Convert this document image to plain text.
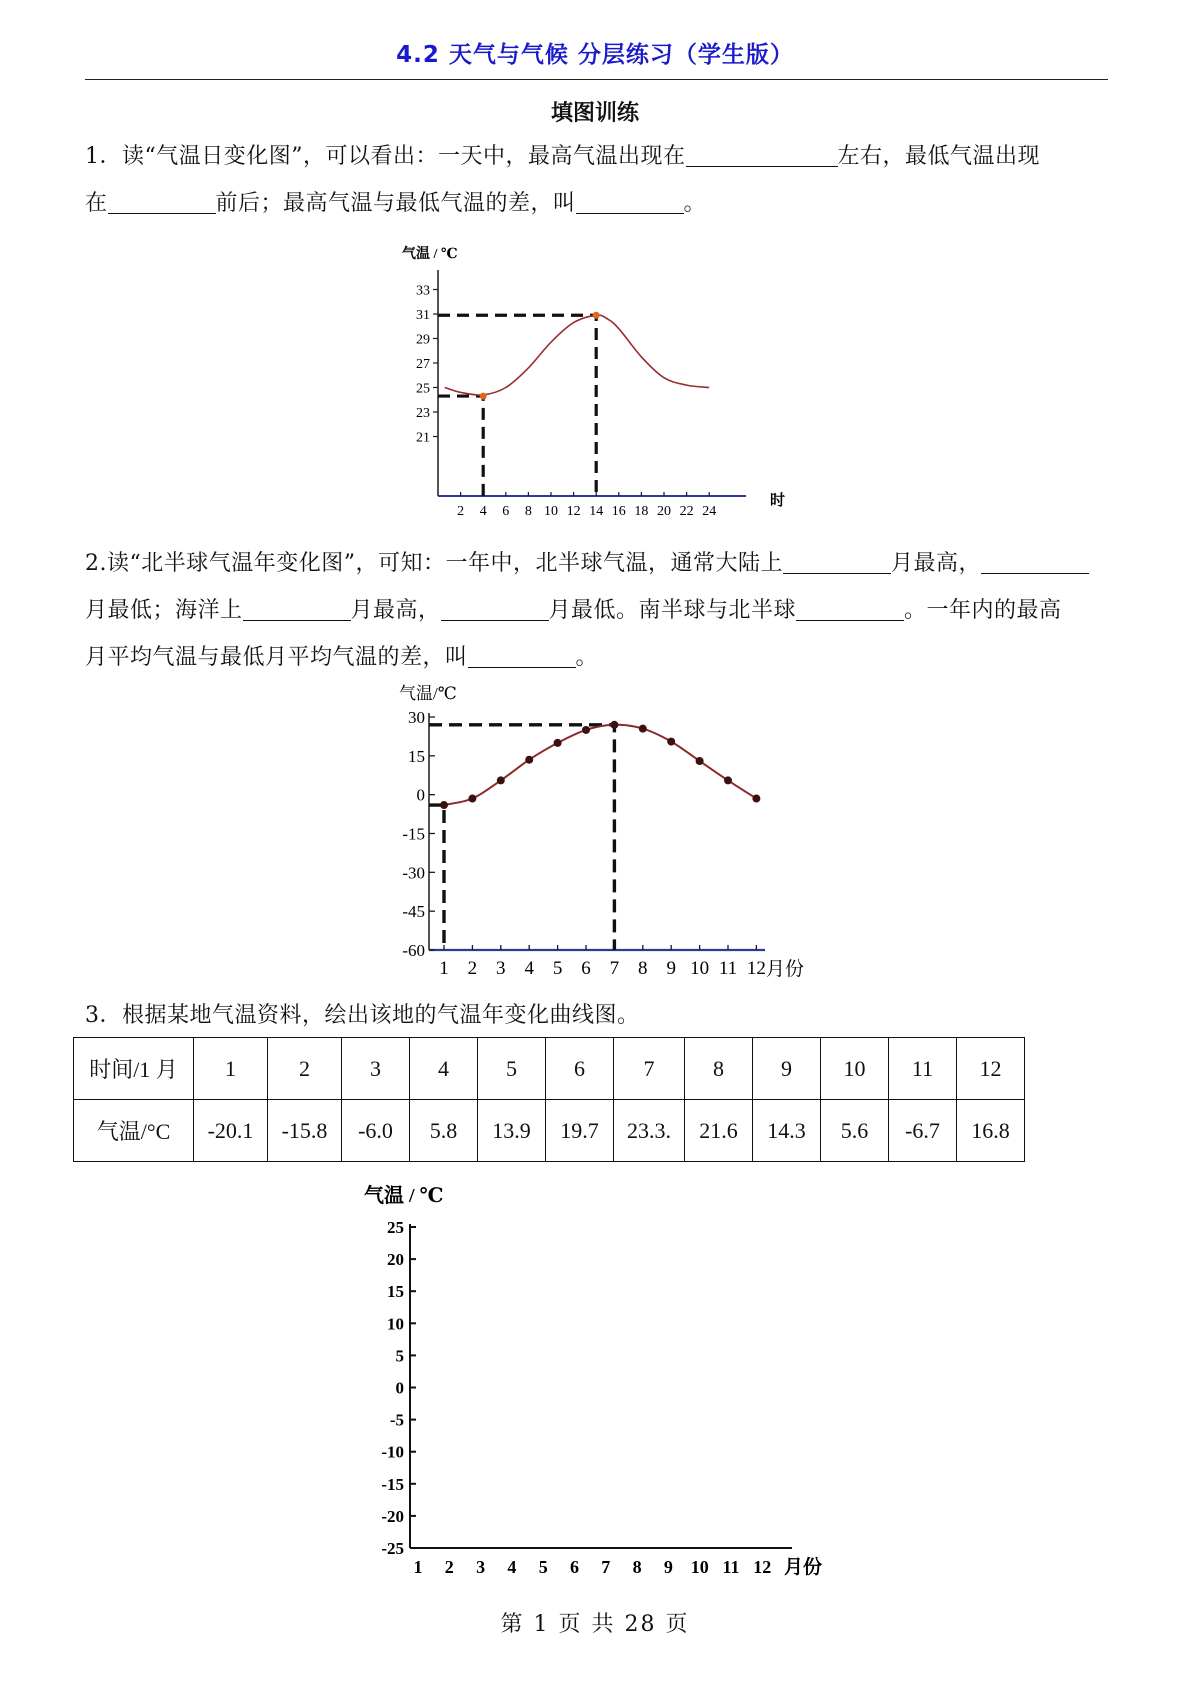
4.2 天气与气候 分层练习（学生版）
填图训练
1．读“气温日变化图”，可以看出：一天中，最高气温出现在	左右，最低气温出现
在	前后；最高气温与最低气温的差，叫	。
气温 / ℃
时
21
23
25
27
29
31
33
2 4 6 8 10 12 14 16 18 20 22 24
2.读“北半球气温年变化图”，可知：一年中，北半球气温，通常大陆上	月最高，
月最低；海洋上	月最高，	月最低。南半球与北半球	。一年内的最高
月平均气温与最低月平均气温的差，叫	。
气温/℃
月份
30
15
0
-15
-30
-45
-60
1 2 3 4 5 6 7 8 9 10 11 12
3．根据某地气温资料，绘出该地的气温年变化曲线图。
时间/1 月	1	2	3	4	5	6	7	8	9	10	11	12
气温/°C	-20.1	-15.8	-6.0	5.8	13.9	19.7	23.3.	21.6	14.3	5.6	-6.7	16.8
气温 / ℃
月份
25
20
15
10
5
0
-5
-10
-15
-20
-25
1 2 3 4 5 6 7 8 9 10 11 12
第 1 页 共 28 页
